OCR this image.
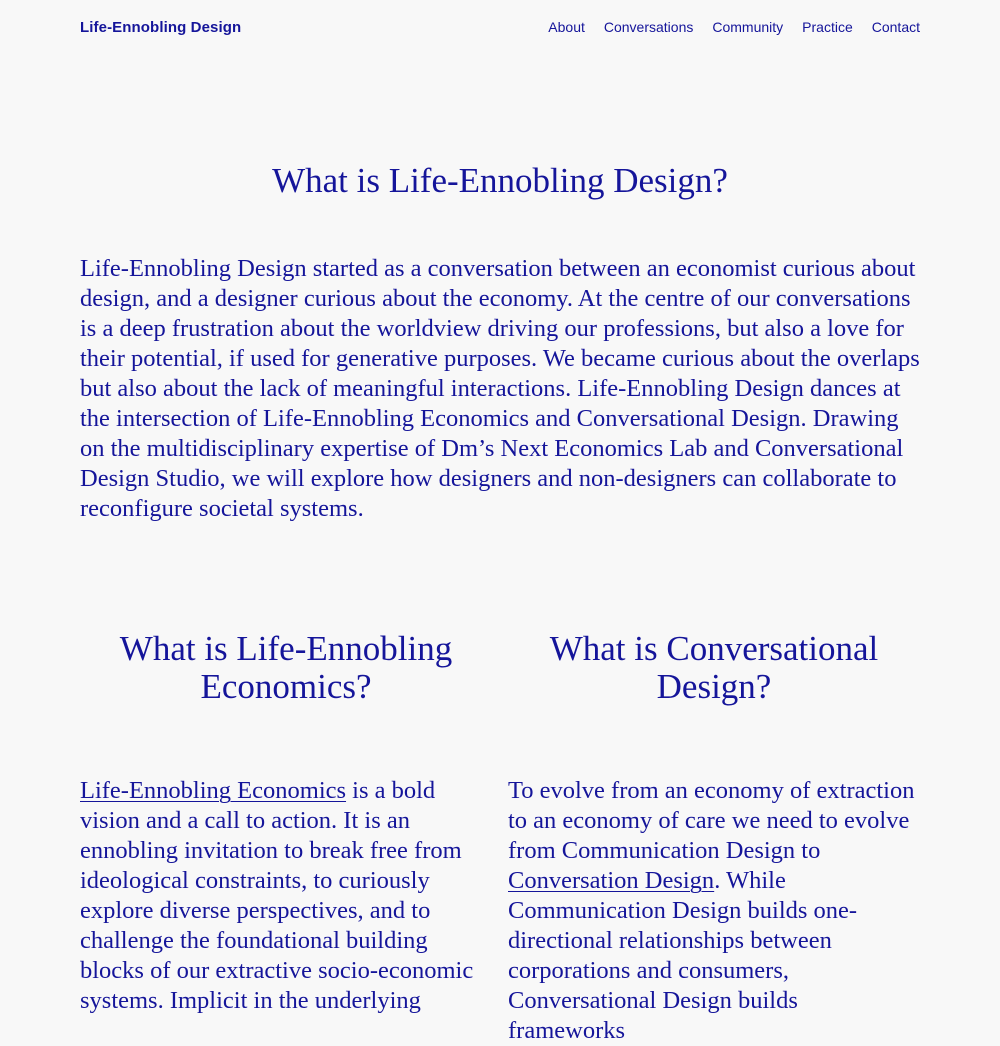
Life-Ennobling Design	About Conversations Community Practice Contact
What is Life-Ennobling Design?

Life-Ennobling Design started as a conversation between an economist curious about design, and a designer curious about the economy. At the centre of our conversations is a deep frustration about the worldview driving our professions, but also a love for their potential, if used for generative purposes. We became curious about the overlaps but also about the lack of meaningful interactions. Life-Ennobling Design dances at the intersection of Life-Ennobling Economics and Conversational Design. Drawing on the multidisciplinary expertise of Dm’s Next Economics Lab and Conversational Design Studio, we will explore how designers and non-designers can collaborate to reconfigure societal systems.

What is Life-Ennobling Economics?

Life-Ennobling Economics is a bold vision and a call to action. It is an ennobling invitation to break free from ideological constraints, to curiously explore diverse perspectives, and to challenge the foundational building blocks of our extractive socio-economic systems. Implicit in the underlying

What is Conversational Design?

To evolve from an economy of extraction to an economy of care we need to evolve from Communication Design to Conversation Design. While Communication Design builds one-directional relationships between corporations and consumers, Conversational Design builds frameworks
